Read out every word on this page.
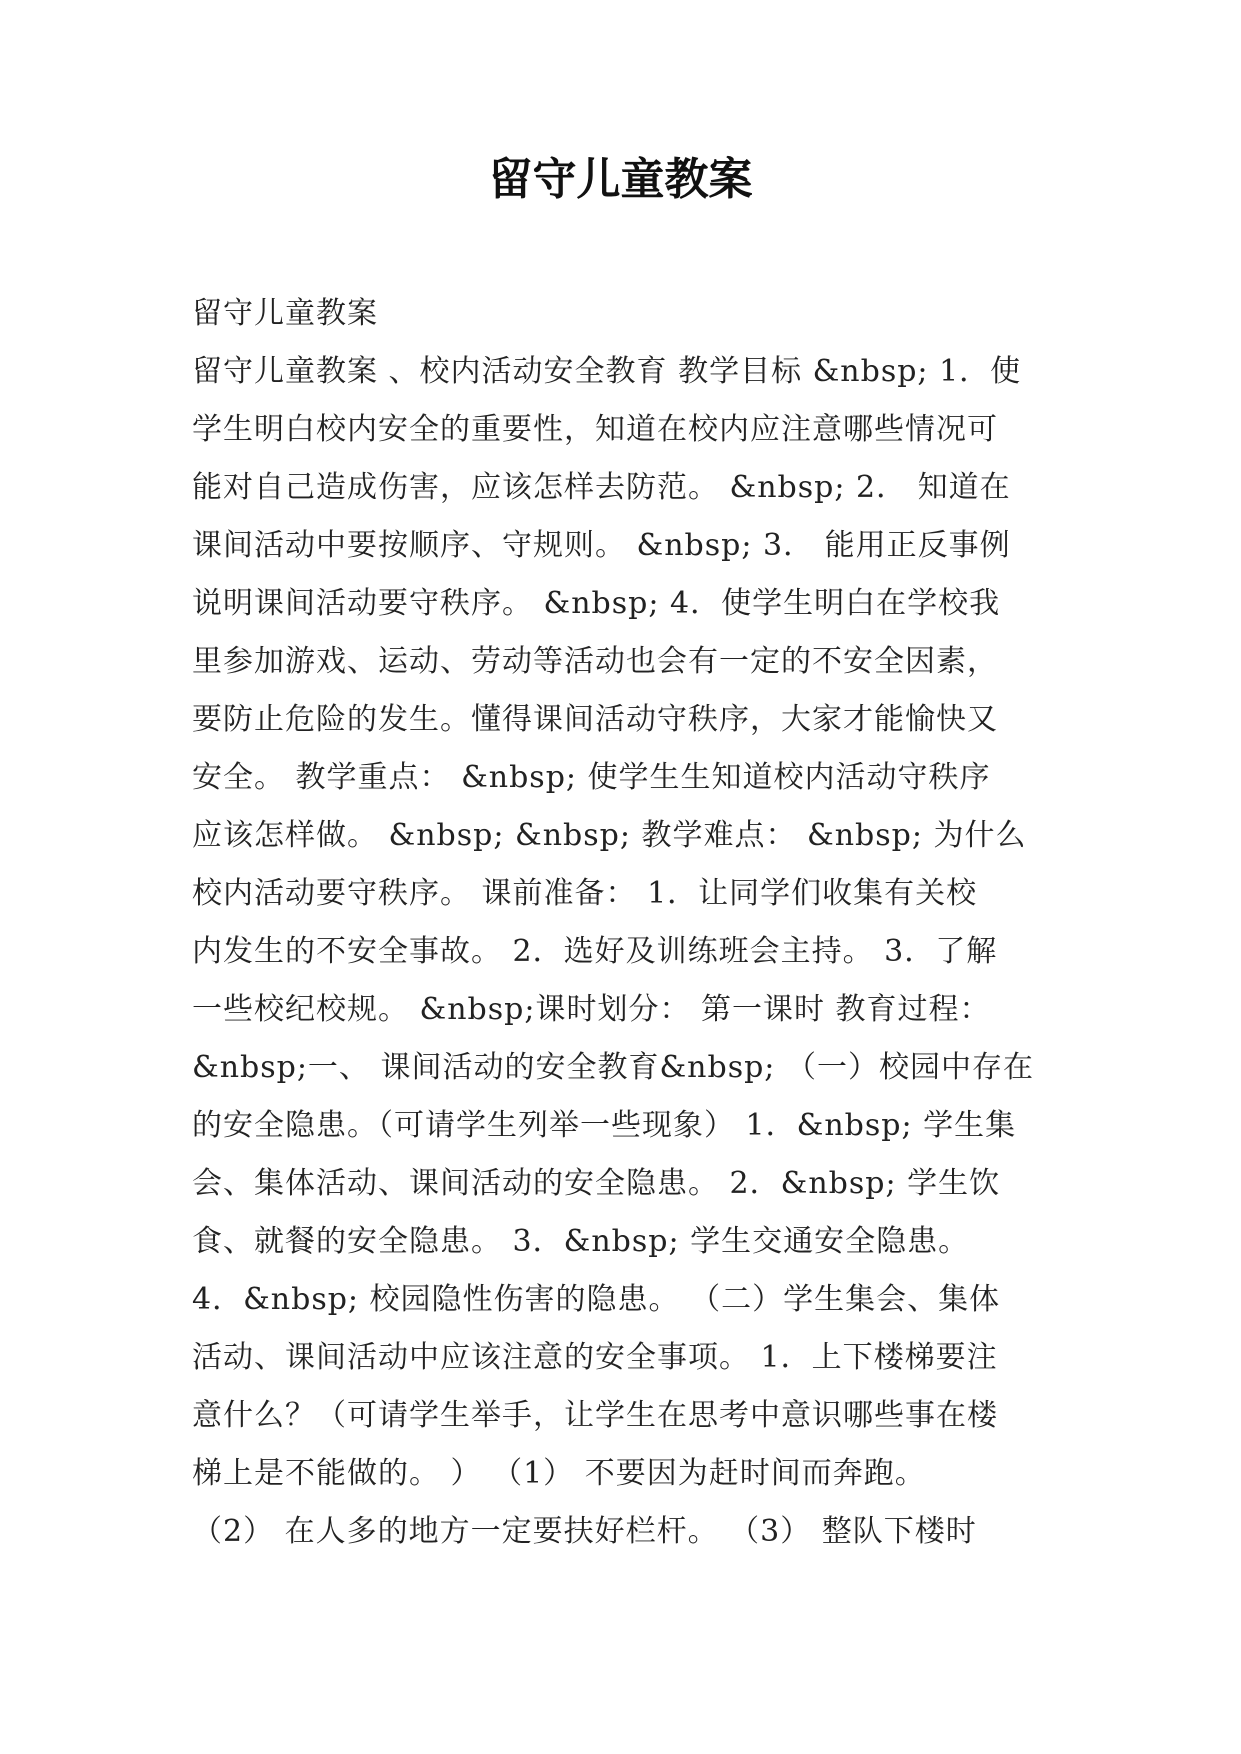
留守儿童教案
留守儿童教案
留守儿童教案 、校内活动安全教育 教学目标 &nbsp; 1．使
学生明白校内安全的重要性，知道在校内应注意哪些情况可
能对自己造成伤害，应该怎样去防范。 &nbsp; 2． 知道在
课间活动中要按顺序、守规则。 &nbsp; 3． 能用正反事例
说明课间活动要守秩序。 &nbsp; 4．使学生明白在学校我
里参加游戏、运动、劳动等活动也会有一定的不安全因素，
要防止危险的发生。懂得课间活动守秩序，大家才能愉快又
安全。 教学重点： &nbsp; 使学生生知道校内活动守秩序
应该怎样做。 &nbsp; &nbsp; 教学难点： &nbsp; 为什么
校内活动要守秩序。 课前准备： 1．让同学们收集有关校
内发生的不安全事故。 2．选好及训练班会主持。 3．了解
一些校纪校规。 &nbsp;课时划分： 第一课时 教育过程：
&nbsp;一、 课间活动的安全教育&nbsp; （一）校园中存在
的安全隐患。（可请学生列举一些现象） 1．&nbsp; 学生集
会、集体活动、课间活动的安全隐患。 2．&nbsp; 学生饮
食、就餐的安全隐患。 3．&nbsp; 学生交通安全隐患。
4．&nbsp; 校园隐性伤害的隐患。 （二）学生集会、集体
活动、课间活动中应该注意的安全事项。 1．上下楼梯要注
意什么？（可请学生举手，让学生在思考中意识哪些事在楼
梯上是不能做的。 ） （1） 不要因为赶时间而奔跑。
（2） 在人多的地方一定要扶好栏杆。 （3） 整队下楼时
